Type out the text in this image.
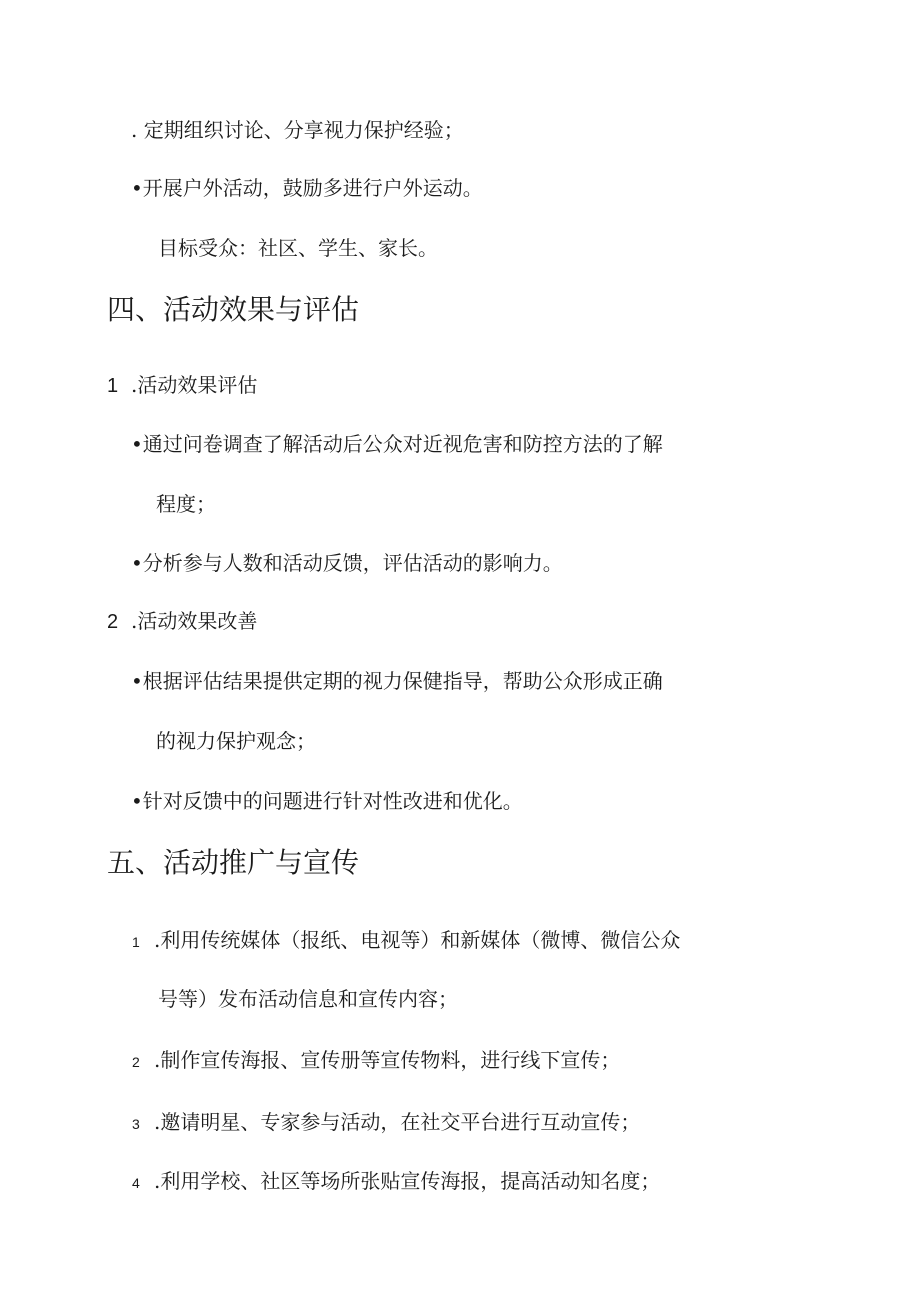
. 定期组织讨论、分享视力保护经验；
•开展户外活动，鼓励多进行户外运动。
目标受众：社区、学生、家长。
四、活动效果与评估
1 .活动效果评估
•通过问卷调查了解活动后公众对近视危害和防控方法的了解
程度；
•分析参与人数和活动反馈，评估活动的影响力。
2 .活动效果改善
•根据评估结果提供定期的视力保健指导，帮助公众形成正确
的视力保护观念；
•针对反馈中的问题进行针对性改进和优化。
五、活动推广与宣传
1 .利用传统媒体（报纸、电视等）和新媒体（微博、微信公众
号等）发布活动信息和宣传内容；
2 .制作宣传海报、宣传册等宣传物料，进行线下宣传；
3 .邀请明星、专家参与活动，在社交平台进行互动宣传；
4 .利用学校、社区等场所张贴宣传海报，提高活动知名度；
